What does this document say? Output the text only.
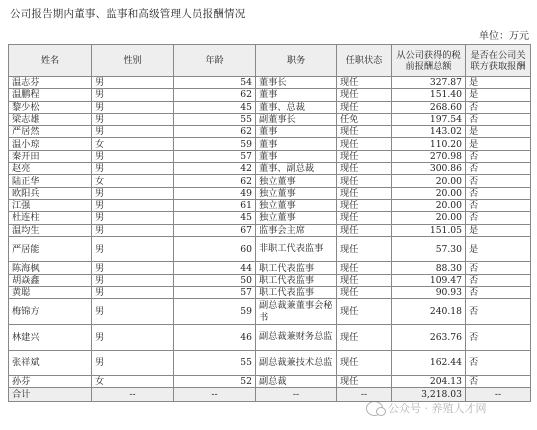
公司报告期内董事、监事和高级管理人员报酬情况
单位：万元
姓名	性别	年龄	职务	任职状态	从公司获得的税前报酬总额	是否在公司关联方获取报酬
温志芬	男	54	董事长	现任	327.87	是
温鹏程	男	62	董事	现任	151.40	是
黎少松	男	45	董事、总裁	现任	268.60	否
梁志雄	男	55	副董事长	任免	197.54	否
严居然	男	62	董事	现任	143.02	是
温小琼	女	59	董事	现任	110.20	是
秦开田	男	57	董事	现任	270.98	否
赵亮	男	42	董事、副总裁	现任	300.86	否
陆正华	女	62	独立董事	现任	20.00	否
欧阳兵	男	49	独立董事	现任	20.00	否
江强	男	61	独立董事	现任	20.00	否
杜连柱	男	45	独立董事	现任	20.00	否
温均生	男	67	监事会主席	现任	151.05	是
严居能	男	60	非职工代表监事	现任	57.30	是
陈海枫	男	44	职工代表监事	现任	88.30	否
胡焱鑫	男	50	职工代表监事	现任	109.47	否
黄聪	男	57	职工代表监事	现任	90.93	否
梅锦方	男	59	副总裁兼董事会秘书	现任	240.18	否
林建兴	男	46	副总裁兼财务总监	现任	263.76	否
张祥斌	男	55	副总裁兼技术总监	现任	162.44	否
孙芬	女	52	副总裁	现任	204.13	否
合计	--	--	--	--	3,218.03	--
公众号 · 养殖人才网
